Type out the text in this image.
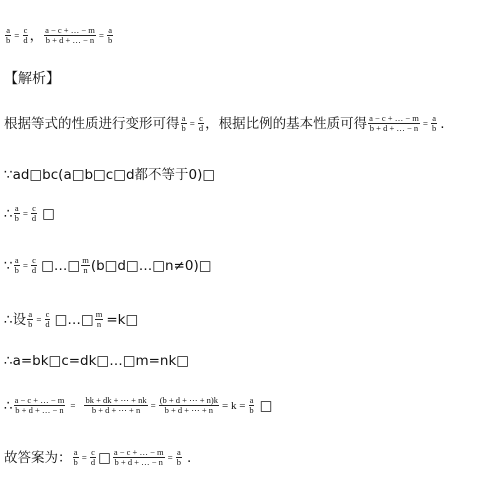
$\frac{a}{b} = \frac{c}{d}$ ， $\frac{a - c + \dots - m}{b + d + \dots - n} = \frac{a}{b}$
【解析】
根据等式的性质进行变形可得 $\frac{a}{b} = \frac{c}{d}$ ，根据比例的基本性质可得 $\frac{a - c + \dots - m}{b + d + \dots - n} = \frac{a}{b}$ .
∵ad□bc(a□b□c□d都不等于0)□
∴ $\frac{a}{b} = \frac{c}{d}$ □
∵ $\frac{a}{b} = \frac{c}{d}$ □…□ $\frac{m}{n}$ (b□d□…□n≠0)□
∴设 $\frac{a}{b} = \frac{c}{d}$ □…□ $\frac{m}{n}$ =k□
∴a=bk□c=dk□…□m=nk□
∴ $\frac{a - c + \dots - m}{b + d + \dots - n} = \frac{bk + dk + \cdots + nk}{b + d + \cdots + n} = \frac{(b + d + \cdots + n)k}{b + d + \cdots + n} = k = \frac{a}{b}$ □
故答案为： $\frac{a}{b} = \frac{c}{d}$ □ $\frac{a - c + \dots - m}{b + d + \dots - n} = \frac{a}{b}$ .
